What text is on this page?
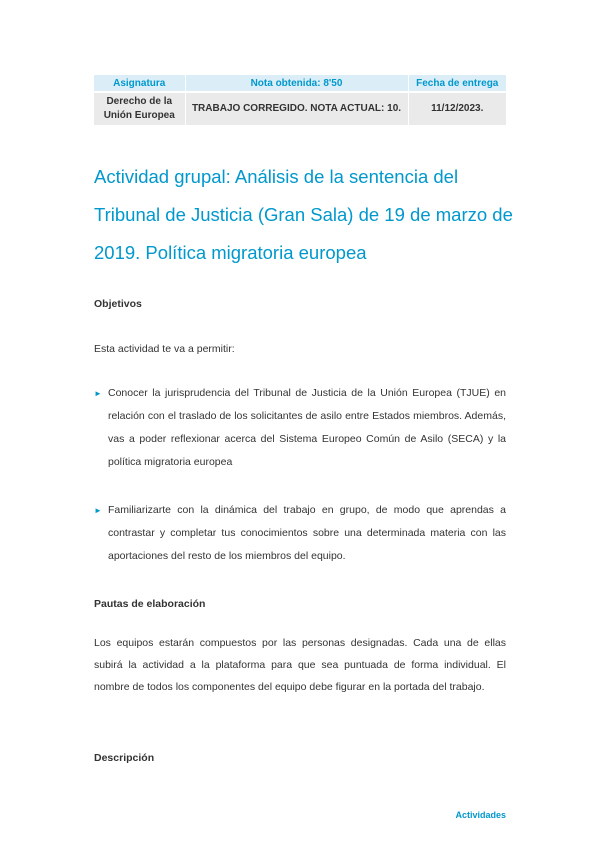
Asignatura	Nota obtenida: 8'50	Fecha de entrega
Derecho de la Unión Europea	TRABAJO CORREGIDO. NOTA ACTUAL: 10.	11/12/2023.
Actividad grupal: Análisis de la sentencia del Tribunal de Justicia (Gran Sala) de 19 de marzo de 2019. Política migratoria europea
Objetivos

Esta actividad te va a permitir:

► Conocer la jurisprudencia del Tribunal de Justicia de la Unión Europea (TJUE) en relación con el traslado de los solicitantes de asilo entre Estados miembros. Además, vas a poder reflexionar acerca del Sistema Europeo Común de Asilo (SECA) y la política migratoria europea
► Familiarizarte con la dinámica del trabajo en grupo, de modo que aprendas a contrastar y completar tus conocimientos sobre una determinada materia con las aportaciones del resto de los miembros del equipo.
Pautas de elaboración

Los equipos estarán compuestos por las personas designadas. Cada una de ellas subirá la actividad a la plataforma para que sea puntuada de forma individual. El nombre de todos los componentes del equipo debe figurar en la portada del trabajo.

Descripción

Actividades
